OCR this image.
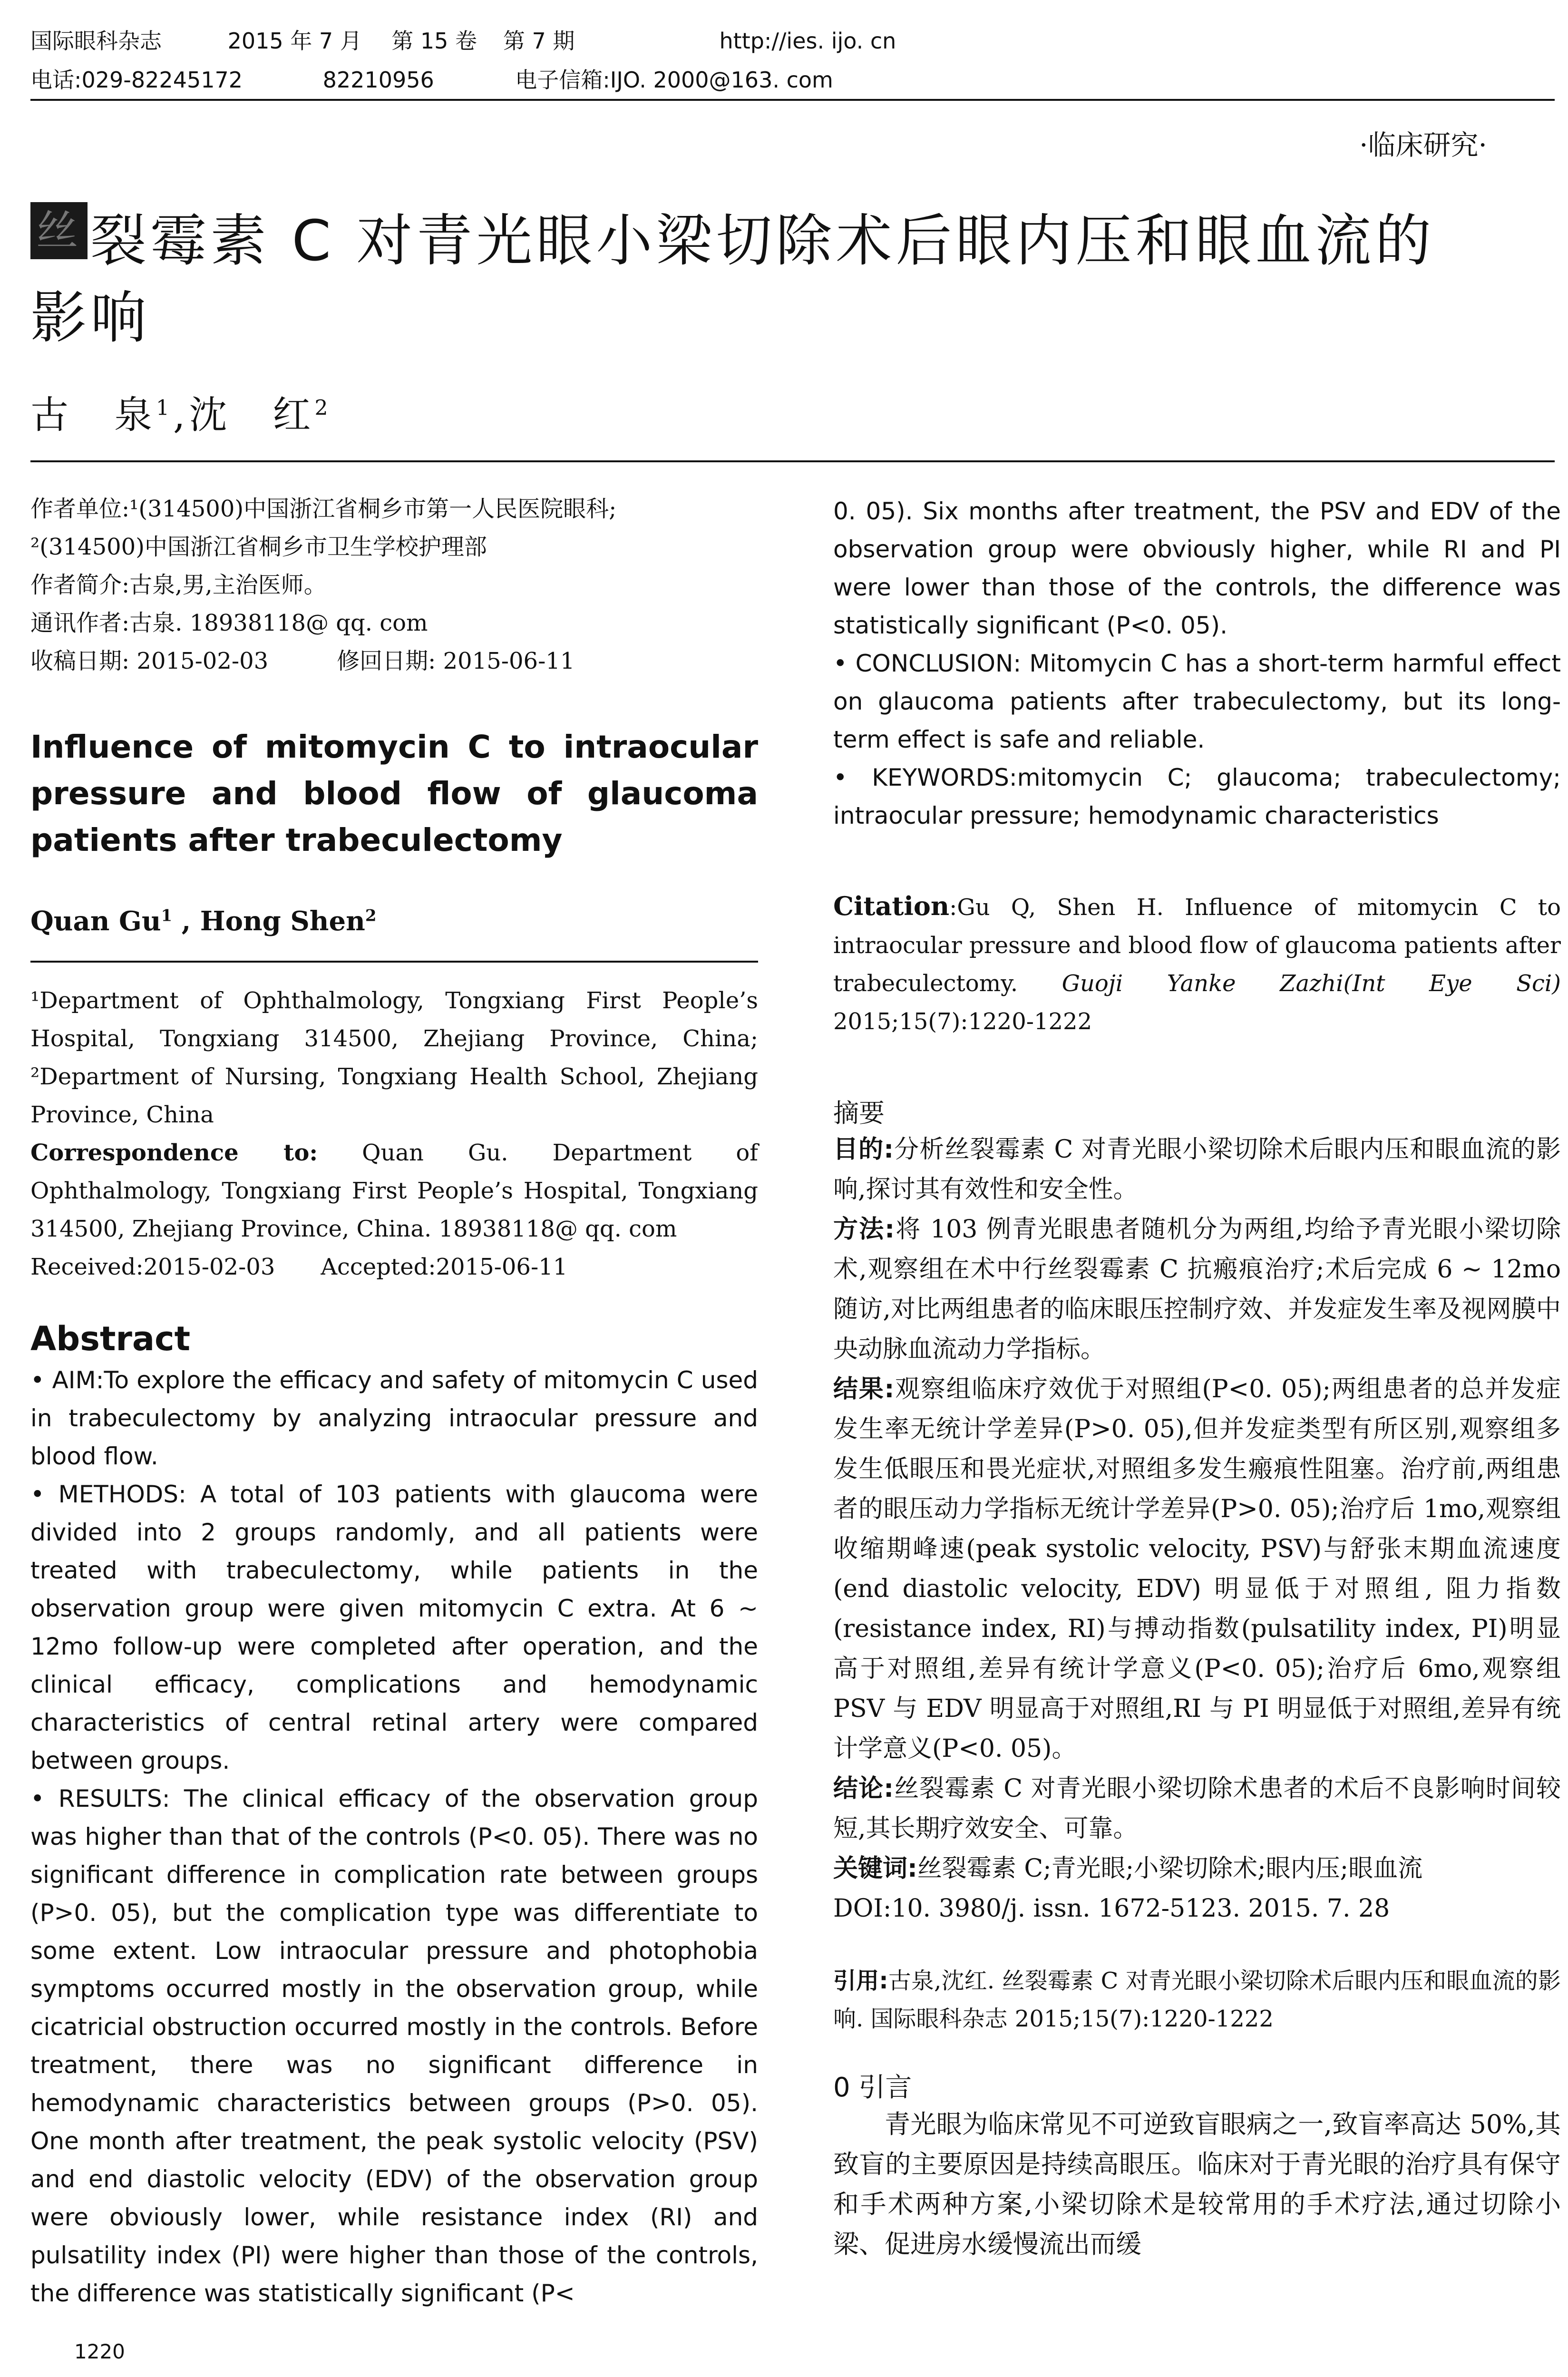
国际眼科杂志	2015 年 7 月 第 15 卷 第 7 期	http://ies. ijo. cn
电话:029-82245172	82210956	电子信箱:IJO. 2000@163. com
·临床研究·
丝 裂霉素 C 对青光眼小梁切除术后眼内压和眼血流的
影响
古　泉$^1$,沈　红$^2$
作者单位:¹(314500)中国浙江省桐乡市第一人民医院眼科;
²(314500)中国浙江省桐乡市卫生学校护理部
作者简介:古泉,男,主治医师。
通讯作者:古泉. 18938118@ qq. com
收稿日期: 2015-02-03　　　修回日期: 2015-06-11
Influence of mitomycin C to intraocular pressure and blood flow of glaucoma patients after trabeculectomy
Quan Gu$^1$ , Hong Shen$^2$
¹Department of Ophthalmology, Tongxiang First People’s Hospital, Tongxiang 314500, Zhejiang Province, China; ²Department of Nursing, Tongxiang Health School, Zhejiang Province, China
Correspondence to: Quan Gu. Department of Ophthalmology, Tongxiang First People’s Hospital, Tongxiang 314500, Zhejiang Province, China. 18938118@ qq. com
Received:2015-02-03　　Accepted:2015-06-11
Abstract
• AIM:To explore the efficacy and safety of mitomycin C used in trabeculectomy by analyzing intraocular pressure and blood flow.
• METHODS: A total of 103 patients with glaucoma were divided into 2 groups randomly, and all patients were treated with trabeculectomy, while patients in the observation group were given mitomycin C extra. At 6 ~ 12mo follow-up were completed after operation, and the clinical efficacy, complications and hemodynamic characteristics of central retinal artery were compared between groups.
• RESULTS: The clinical efficacy of the observation group was higher than that of the controls (P<0. 05). There was no significant difference in complication rate between groups (P>0. 05), but the complication type was differentiate to some extent. Low intraocular pressure and photophobia symptoms occurred mostly in the observation group, while cicatricial obstruction occurred mostly in the controls. Before treatment, there was no significant difference in hemodynamic characteristics between groups (P>0. 05). One month after treatment, the peak systolic velocity (PSV) and end diastolic velocity (EDV) of the observation group were obviously lower, while resistance index (RI) and pulsatility index (PI) were higher than those of the controls, the difference was statistically significant (P<
0. 05). Six months after treatment, the PSV and EDV of the observation group were obviously higher, while RI and PI were lower than those of the controls, the difference was statistically significant (P<0. 05).
• CONCLUSION: Mitomycin C has a short-term harmful effect on glaucoma patients after trabeculectomy, but its long-term effect is safe and reliable.
• KEYWORDS:mitomycin C; glaucoma; trabeculectomy; intraocular pressure; hemodynamic characteristics
Citation:Gu Q, Shen H. Influence of mitomycin C to intraocular pressure and blood flow of glaucoma patients after trabeculectomy. Guoji Yanke Zazhi(Int Eye Sci) 2015;15(7):1220-1222
摘要
目的:分析丝裂霉素 C 对青光眼小梁切除术后眼内压和眼血流的影响,探讨其有效性和安全性。
方法:将 103 例青光眼患者随机分为两组,均给予青光眼小梁切除术,观察组在术中行丝裂霉素 C 抗瘢痕治疗;术后完成 6 ~ 12mo 随访,对比两组患者的临床眼压控制疗效、并发症发生率及视网膜中央动脉血流动力学指标。
结果:观察组临床疗效优于对照组(P<0. 05);两组患者的总并发症发生率无统计学差异(P>0. 05),但并发症类型有所区别,观察组多发生低眼压和畏光症状,对照组多发生瘢痕性阻塞。治疗前,两组患者的眼压动力学指标无统计学差异(P>0. 05);治疗后 1mo,观察组收缩期峰速(peak systolic velocity, PSV)与舒张末期血流速度(end diastolic velocity, EDV) 明显低于对照组, 阻力指数(resistance index, RI)与搏动指数(pulsatility index, PI)明显高于对照组,差异有统计学意义(P<0. 05);治疗后 6mo,观察组 PSV 与 EDV 明显高于对照组,RI 与 PI 明显低于对照组,差异有统计学意义(P<0. 05)。
结论:丝裂霉素 C 对青光眼小梁切除术患者的术后不良影响时间较短,其长期疗效安全、可靠。
关键词:丝裂霉素 C;青光眼;小梁切除术;眼内压;眼血流
DOI:10. 3980/j. issn. 1672-5123. 2015. 7. 28
引用:古泉,沈红. 丝裂霉素 C 对青光眼小梁切除术后眼内压和眼血流的影响. 国际眼科杂志 2015;15(7):1220-1222
0 引言
青光眼为临床常见不可逆致盲眼病之一,致盲率高达 50%,其致盲的主要原因是持续高眼压。临床对于青光眼的治疗具有保守和手术两种方案,小梁切除术是较常用的手术疗法,通过切除小梁、促进房水缓慢流出而缓
1220
